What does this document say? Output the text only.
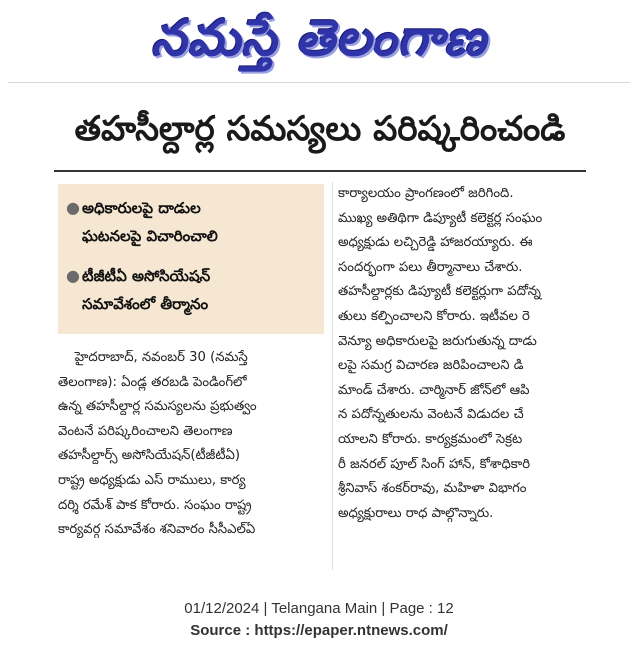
నమస్తే తెలంగాణ
తహసీల్దార్ల సమస్యలు పరిష్కరించండి
● అధికారులపై దాడుల
ఘటనలపై విచారించాలి
● టీజీటీఏ అసోసియేషన్
సమావేశంలో తీర్మానం
హైదరాబాద్‌, నవంబర్‌ 30 (నమస్తే
తెలంగాణ): ఏండ్ల తరబడి పెండింగ్‌లో
ఉన్న తహసీల్దార్ల సమస్యలను ప్రభుత్వం
వెంటనే పరిష్కరించాలని తెలంగాణ
తహసీల్దార్స్‌ అసోసియేషన్‌(టీజీటీఏ)
రాష్ట్ర అధ్యక్షుడు ఎస్‌ రాములు, కార్య
దర్శి రమేశ్‌ పాక కోరారు. సంఘం రాష్ట్ర
కార్యవర్గ సమావేశం శనివారం సీసీఎల్‌ఏ
కార్యాలయం ప్రాంగణంలో జరిగింది.
ముఖ్య అతిథిగా డిప్యూటీ కలెక్టర్ల సంఘం
అధ్యక్షుడు లచ్చిరెడ్డి హాజరయ్యారు. ఈ
సందర్భంగా పలు తీర్మానాలు చేశారు.
తహసీల్దార్లకు డిప్యూటీ కలెక్టర్లుగా పదోన్న
తులు కల్పించాలని కోరారు. ఇటీవల రె
వెన్యూ అధికారులపై జరుగుతున్న దాడు
లపై సమగ్ర విచారణ జరిపించాలని డి
మాండ్‌ చేశారు. చార్మినార్‌ జోన్‌లో ఆపి
న పదోన్నతులను వెంటనే విడుదల చే
యాలని కోరారు. కార్యక్రమంలో సెక్రట
రీ జనరల్‌ పూల్‌ సింగ్‌ హాన్‌, కోశాధికారి
శ్రీనివాస్‌ శంకర్‌రావు, మహిళా విభాగం
అధ్యక్షురాలు రాధ పాల్గొన్నారు.
01/12/2024 | Telangana Main | Page : 12
Source : https://epaper.ntnews.com/
